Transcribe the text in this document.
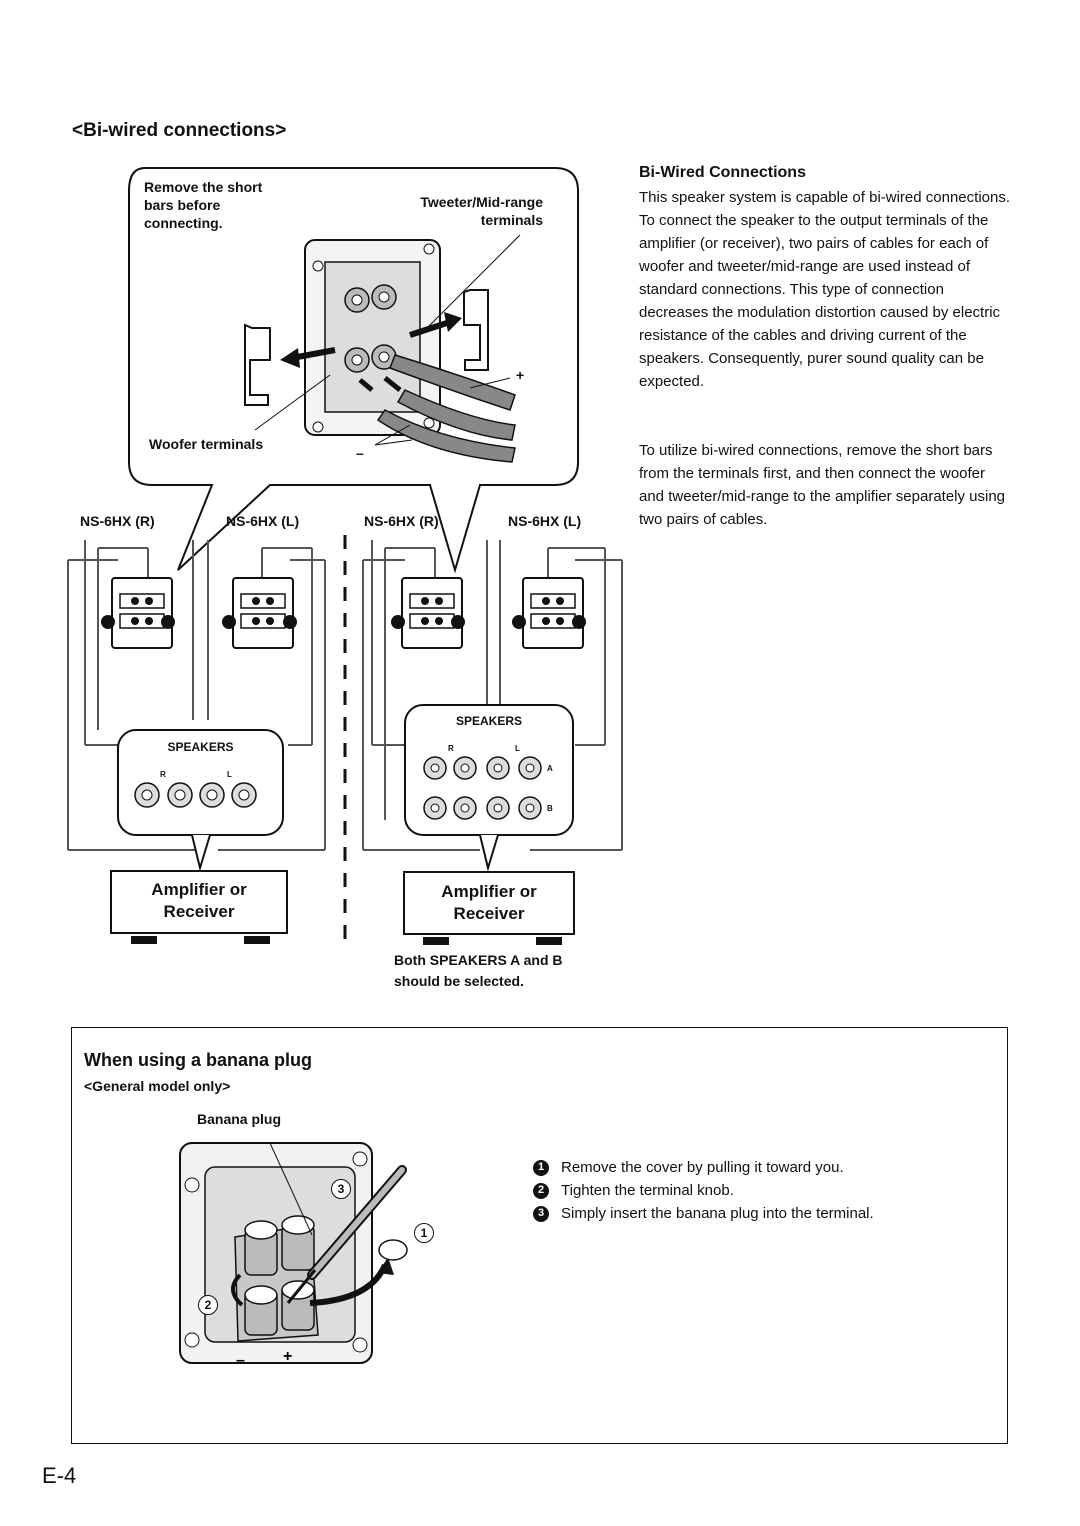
<Bi-wired connections>
Bi-Wired Connections
This speaker system is capable of bi-wired connections. To connect the speaker to the output terminals of the amplifier (or receiver), two pairs of cables for each of woofer and tweeter/mid-range are used instead of standard connections. This type of connection decreases the modulation distortion caused by electric resistance of the cables and driving current of the speakers. Consequently, purer sound quality can be expected.
To utilize bi-wired connections, remove the short bars from the terminals first, and then connect the woofer and tweeter/mid-range to the amplifier separately using two pairs of cables.
Remove the short bars before connecting.
Tweeter/Mid-range terminals
Woofer terminals
+
–
NS-6HX (R)	NS-6HX (L)
SPEAKERS
R	L
Amplifier or
Receiver
NS-6HX (R)	NS-6HX (L)
SPEAKERS
R	L
A
B
Amplifier or
Receiver
Both SPEAKERS A and B should be selected.
When using a banana plug
<General model only>
Banana plug
– +
3
1
2
1	Remove the cover by pulling it toward you.
2	Tighten the terminal knob.
3	Simply insert the banana plug into the terminal.
E-4
